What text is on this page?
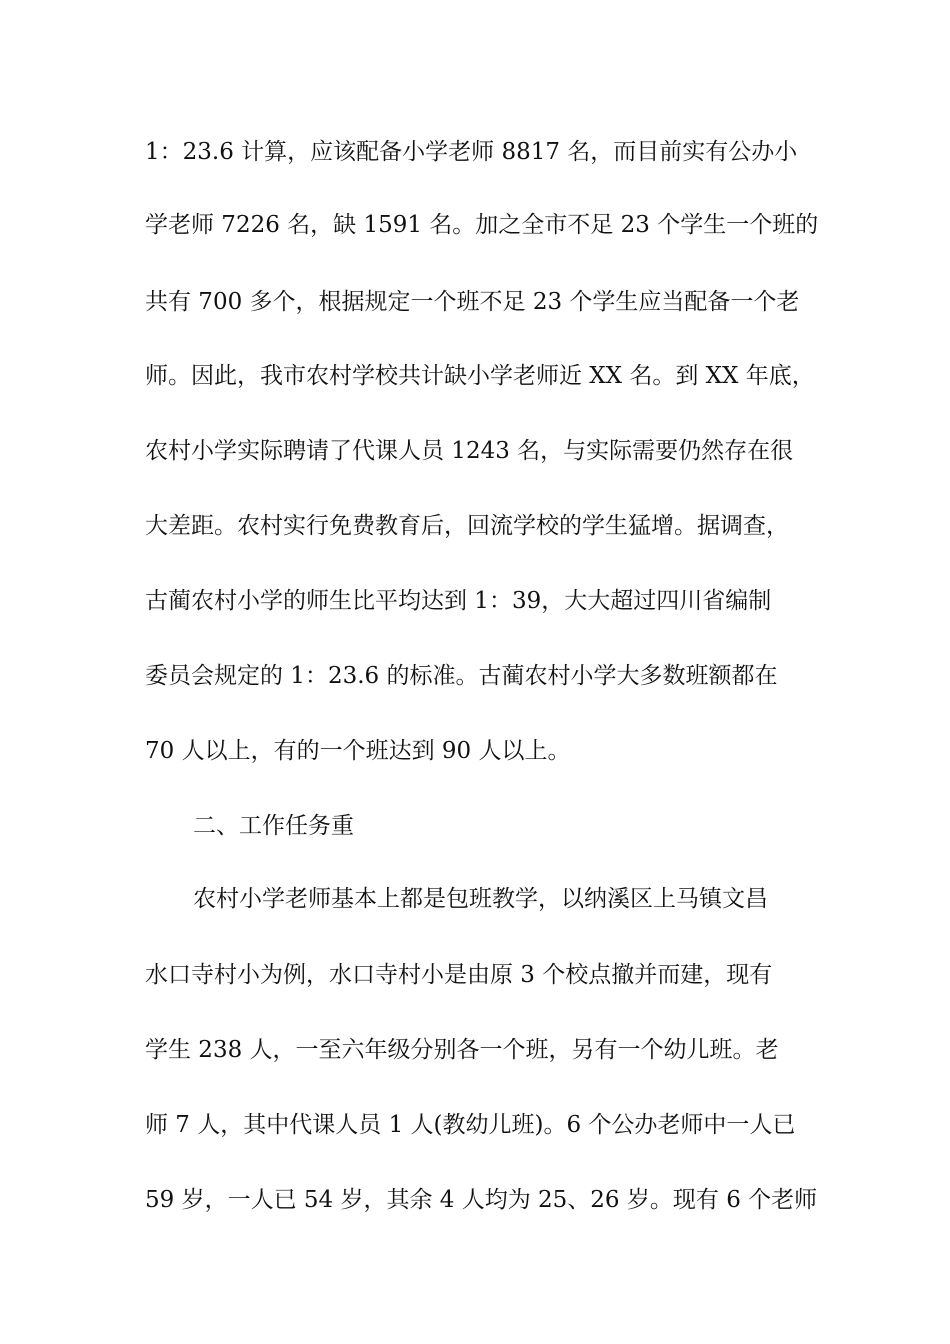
1：23.6 计算，应该配备小学老师 8817 名，而目前实有公办小
学老师 7226 名，缺 1591 名。加之全市不足 23 个学生一个班的
共有 700 多个，根据规定一个班不足 23 个学生应当配备一个老
师。因此，我市农村学校共计缺小学老师近 XX 名。到 XX 年底，
农村小学实际聘请了代课人员 1243 名，与实际需要仍然存在很
大差距。农村实行免费教育后，回流学校的学生猛增。据调查，
古蔺农村小学的师生比平均达到 1：39，大大超过四川省编制
委员会规定的 1：23.6 的标准。古蔺农村小学大多数班额都在
70 人以上，有的一个班达到 90 人以上。
二、工作任务重
农村小学老师基本上都是包班教学，以纳溪区上马镇文昌
水口寺村小为例，水口寺村小是由原 3 个校点撤并而建，现有
学生 238 人，一至六年级分别各一个班，另有一个幼儿班。老
师 7 人，其中代课人员 1 人(教幼儿班)。6 个公办老师中一人已
59 岁，一人已 54 岁，其余 4 人均为 25、26 岁。现有 6 个老师
